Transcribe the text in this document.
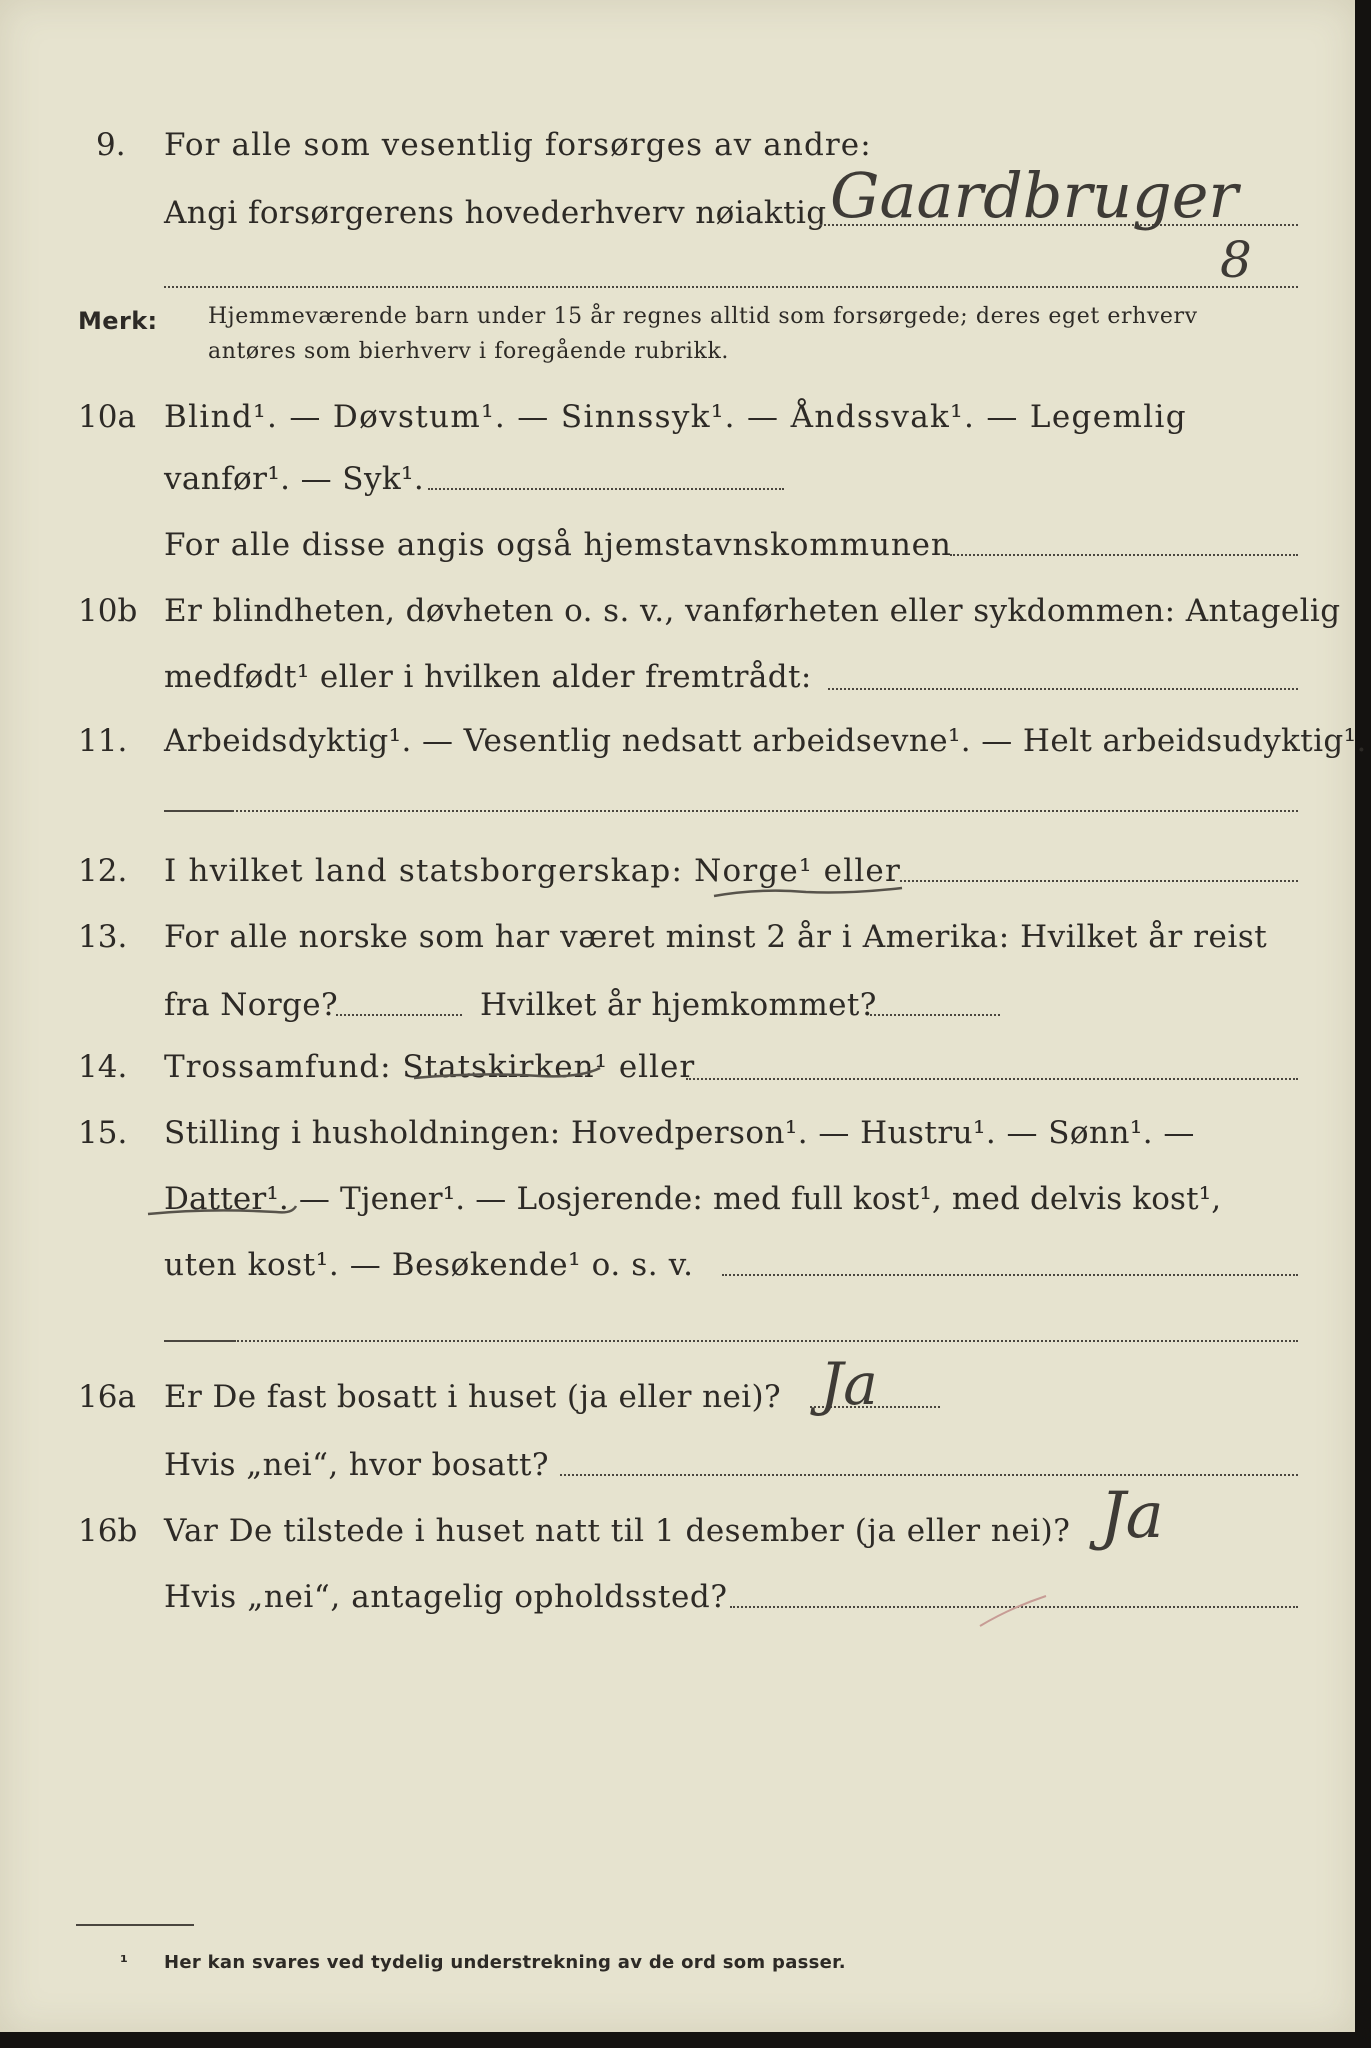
9. For alle som vesentlig forsørges av andre:
Angi forsørgerens hovederhverv nøiaktig Gaardbruger
8
Merk: Hjemmeværende barn under 15 år regnes alltid som forsørgede; deres eget erhverv
antøres som bierhverv i foregående rubrikk.
10a Blind¹. — Døvstum¹. — Sinnssyk¹. — Åndssvak¹. — Legemlig
vanfør¹. — Syk¹.
For alle disse angis også hjemstavnskommunen
10b Er blindheten, døvheten o. s. v., vanførheten eller sykdommen: Antagelig
medfødt¹ eller i hvilken alder fremtrådt:
11. Arbeidsdyktig¹. — Vesentlig nedsatt arbeidsevne¹. — Helt arbeidsudyktig¹.
12. I hvilket land statsborgerskap: Norge¹ eller
13. For alle norske som har været minst 2 år i Amerika: Hvilket år reist
fra Norge?	Hvilket år hjemkommet?
14. Trossamfund: Statskirken¹ eller
15. Stilling i husholdningen: Hovedperson¹. — Hustru¹. — Sønn¹. —
Datter¹. — Tjener¹. — Losjerende: med full kost¹, med delvis kost¹,
uten kost¹. — Besøkende¹ o. s. v.
16a Er De fast bosatt i huset (ja eller nei)? Ja
Hvis „nei“, hvor bosatt?
16b Var De tilstede i huset natt til 1 desember (ja eller nei)? Ja
Hvis „nei“, antagelig opholdssted?
¹ Her kan svares ved tydelig understrekning av de ord som passer.
